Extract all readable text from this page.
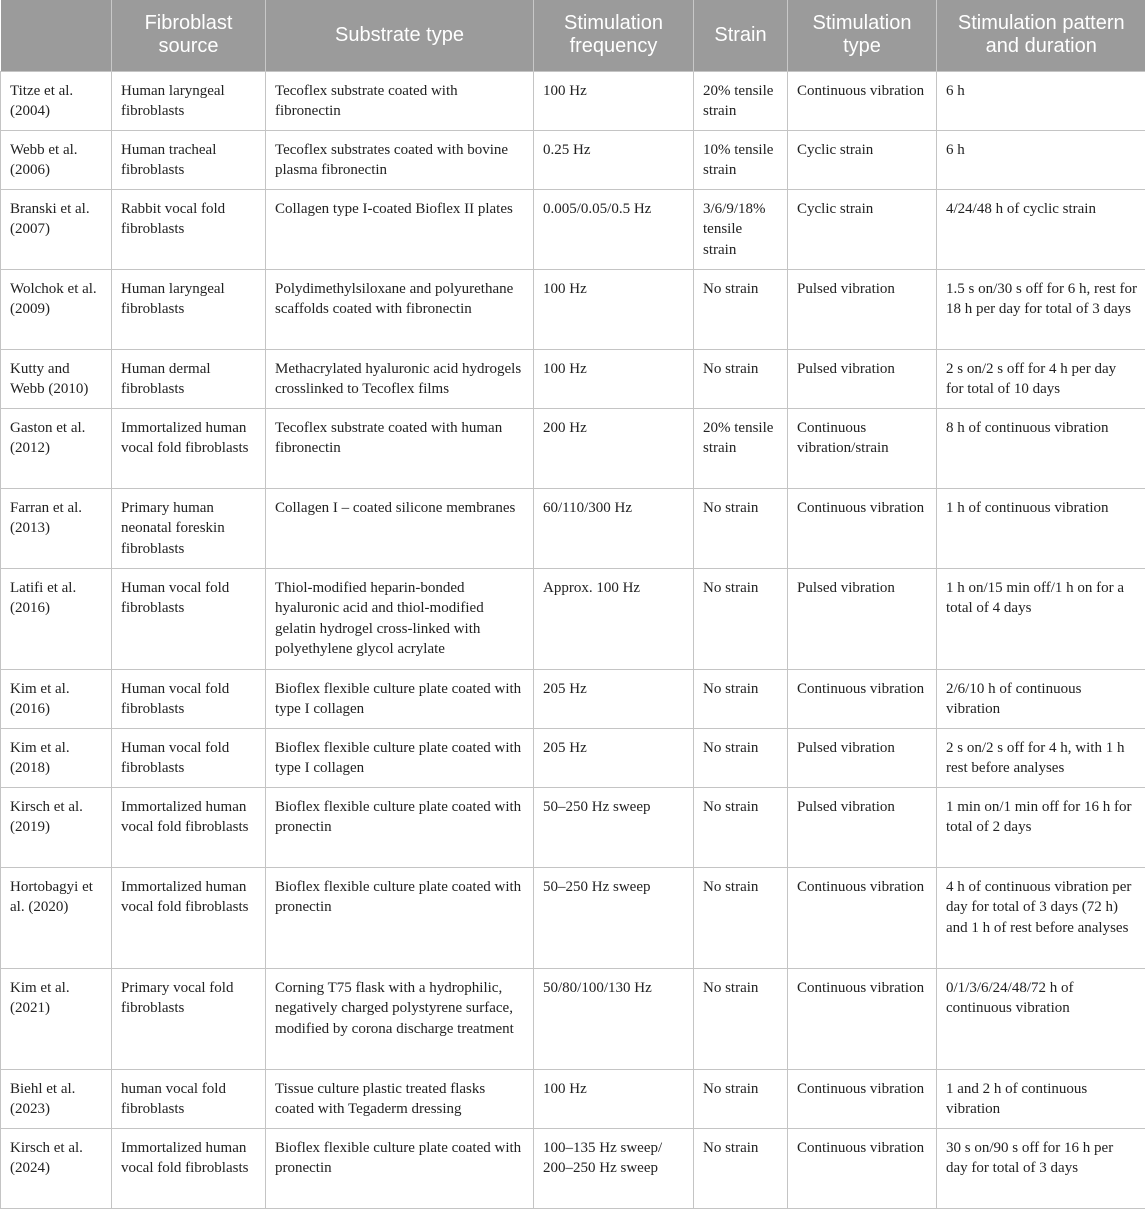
	Fibroblast source	Substrate type	Stimulation frequency	Strain	Stimulation type	Stimulation pattern and duration
Titze et al. (2004)	Human laryngeal fibroblasts	Tecoflex substrate coated with fibronectin	100 Hz	20% tensile strain	Continuous vibration	6 h
Webb et al. (2006)	Human tracheal fibroblasts	Tecoflex substrates coated with bovine plasma fibronectin	0.25 Hz	10% tensile strain	Cyclic strain	6 h
Branski et al. (2007)	Rabbit vocal fold fibroblasts	Collagen type I-coated Bioflex II plates	0.005/0.05/0.5 Hz	3/6/9/18% tensile strain	Cyclic strain	4/24/48 h of cyclic strain
Wolchok et al. (2009)	Human laryngeal fibroblasts	Polydimethylsiloxane and polyurethane scaffolds coated with fibronectin	100 Hz	No strain	Pulsed vibration	1.5 s on/30 s off for 6 h, rest for 18 h per day for total of 3 days
Kutty and Webb (2010)	Human dermal fibroblasts	Methacrylated hyaluronic acid hydrogels crosslinked to Tecoflex films	100 Hz	No strain	Pulsed vibration	2 s on/2 s off for 4 h per day for total of 10 days
Gaston et al. (2012)	Immortalized human vocal fold fibroblasts	Tecoflex substrate coated with human fibronectin	200 Hz	20% tensile strain	Continuous vibration/strain	8 h of continuous vibration
Farran et al. (2013)	Primary human neonatal foreskin fibroblasts	Collagen I – coated silicone membranes	60/110/300 Hz	No strain	Continuous vibration	1 h of continuous vibration
Latifi et al. (2016)	Human vocal fold fibroblasts	Thiol-modified heparin-bonded hyaluronic acid and thiol-modified gelatin hydrogel cross-linked with polyethylene glycol acrylate	Approx. 100 Hz	No strain	Pulsed vibration	1 h on/15 min off/1 h on for a total of 4 days
Kim et al. (2016)	Human vocal fold fibroblasts	Bioflex flexible culture plate coated with type I collagen	205 Hz	No strain	Continuous vibration	2/6/10 h of continuous vibration
Kim et al. (2018)	Human vocal fold fibroblasts	Bioflex flexible culture plate coated with type I collagen	205 Hz	No strain	Pulsed vibration	2 s on/2 s off for 4 h, with 1 h rest before analyses
Kirsch et al. (2019)	Immortalized human vocal fold fibroblasts	Bioflex flexible culture plate coated with pronectin	50–250 Hz sweep	No strain	Pulsed vibration	1 min on/1 min off for 16 h for total of 2 days
Hortobagyi et al. (2020)	Immortalized human vocal fold fibroblasts	Bioflex flexible culture plate coated with pronectin	50–250 Hz sweep	No strain	Continuous vibration	4 h of continuous vibration per day for total of 3 days (72 h) and 1 h of rest before analyses
Kim et al. (2021)	Primary vocal fold fibroblasts	Corning T75 flask with a hydrophilic, negatively charged polystyrene surface, modified by corona discharge treatment	50/80/100/130 Hz	No strain	Continuous vibration	0/1/3/6/24/48/72 h of continuous vibration
Biehl et al. (2023)	human vocal fold fibroblasts	Tissue culture plastic treated flasks coated with Tegaderm dressing	100 Hz	No strain	Continuous vibration	1 and 2 h of continuous vibration
Kirsch et al. (2024)	Immortalized human vocal fold fibroblasts	Bioflex flexible culture plate coated with pronectin	100–135 Hz sweep/ 200–250 Hz sweep	No strain	Continuous vibration	30 s on/90 s off for 16 h per day for total of 3 days
